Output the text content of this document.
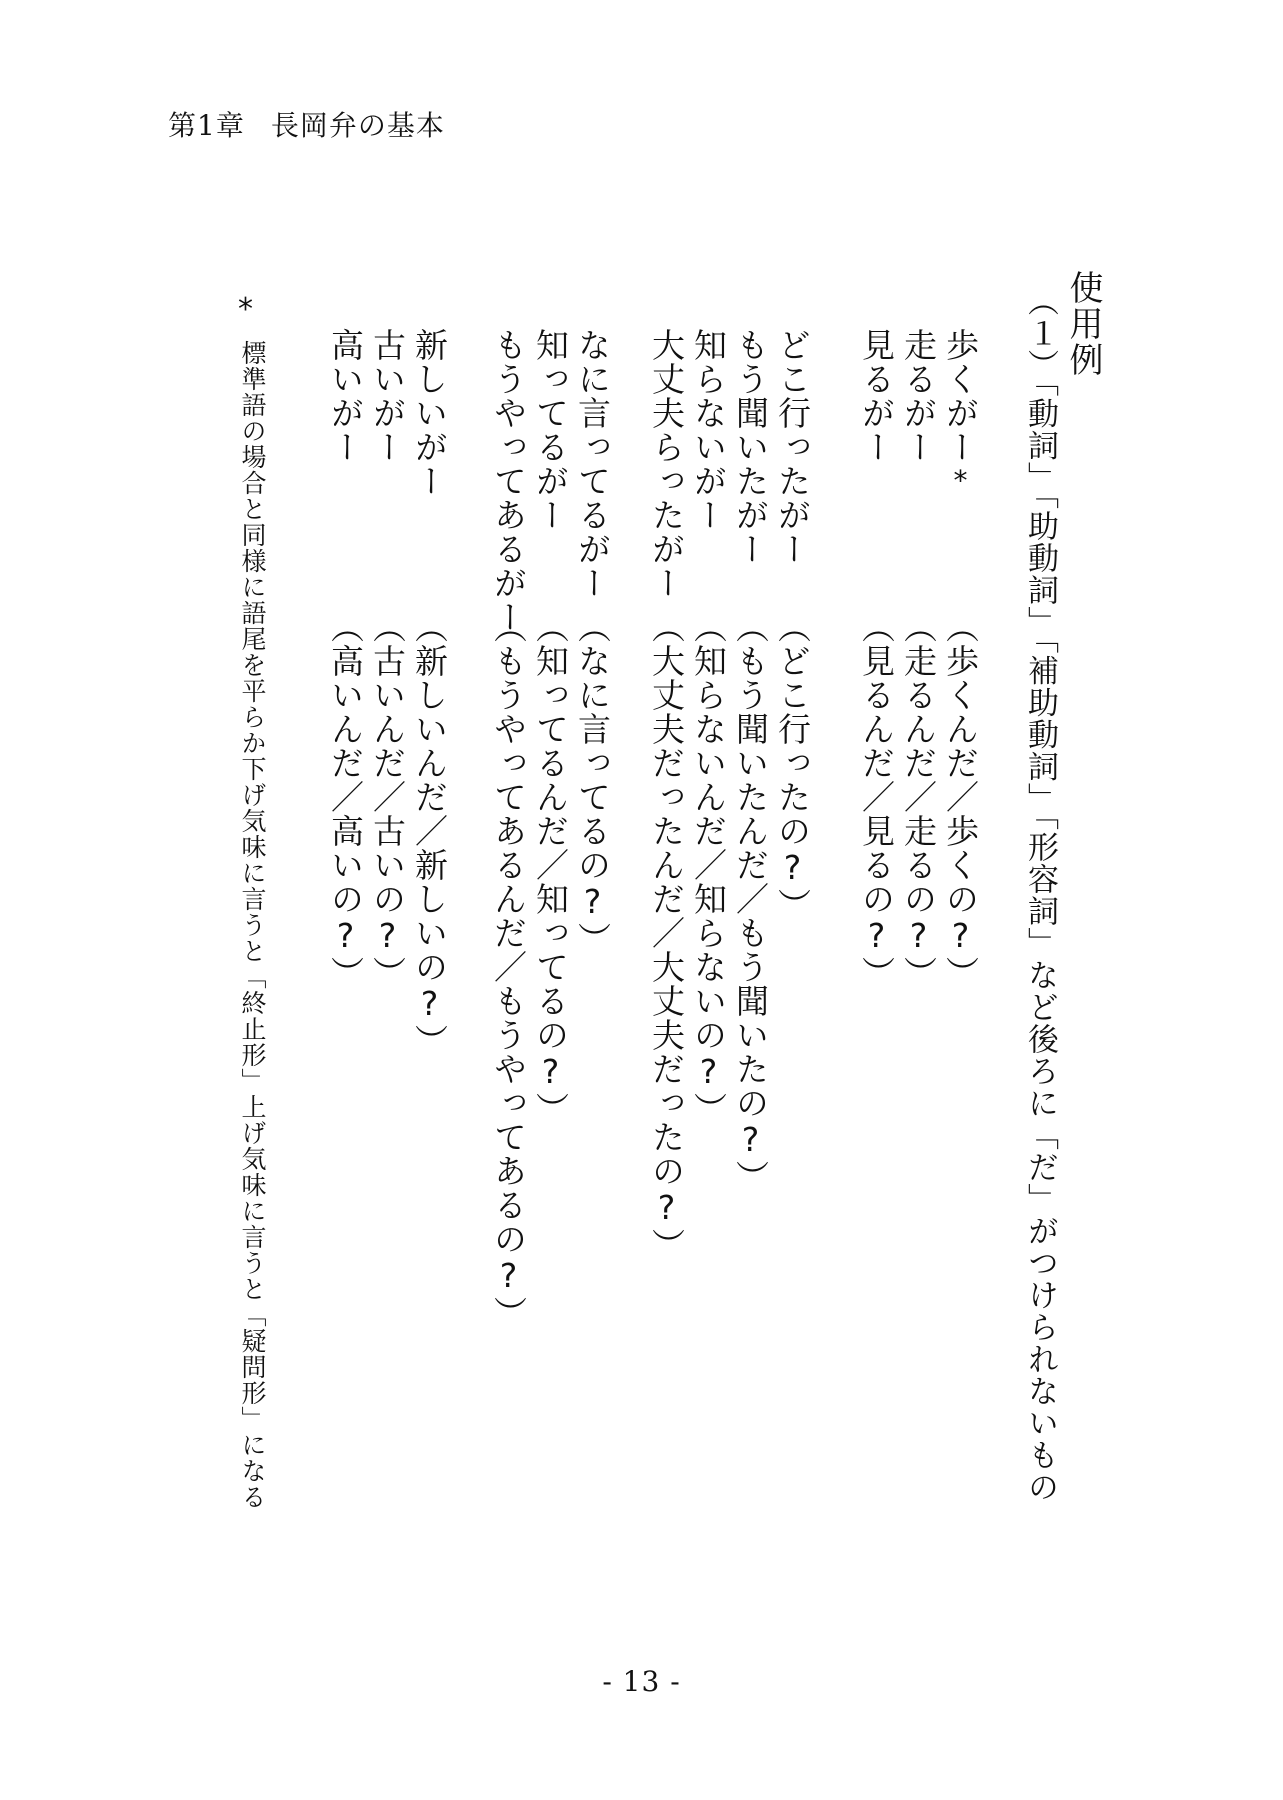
第1章 長岡弁の基本
使用例
（１）「動詞」「助動詞」「補助動詞」「形容詞」など後ろに「だ」がつけられないもの
歩くがー*
走るがー
見るがー
どこ行ったがー
もう聞いたがー
知らないがー
大丈夫らったがー
なに言ってるがー
知ってるがー
もうやってあるがー
新しいがー
古いがー
高いがー
（歩くんだ／歩くの?）
（走るんだ／走るの?）
（見るんだ／見るの?）
（どこ行ったの?）
（もう聞いたんだ／もう聞いたの?）
（知らないんだ／知らないの?）
（大丈夫だったんだ／大丈夫だったの?）
（なに言ってるの?）
（知ってるんだ／知ってるの?）
（もうやってあるんだ／もうやってあるの?）
（新しいんだ／新しいの?）
（古いんだ／古いの?）
（高いんだ／高いの?）
*
標準語の場合と同様に語尾を平らか下げ気味に言うと「終止形」上げ気味に言うと「疑問形」になる
- 13 -
